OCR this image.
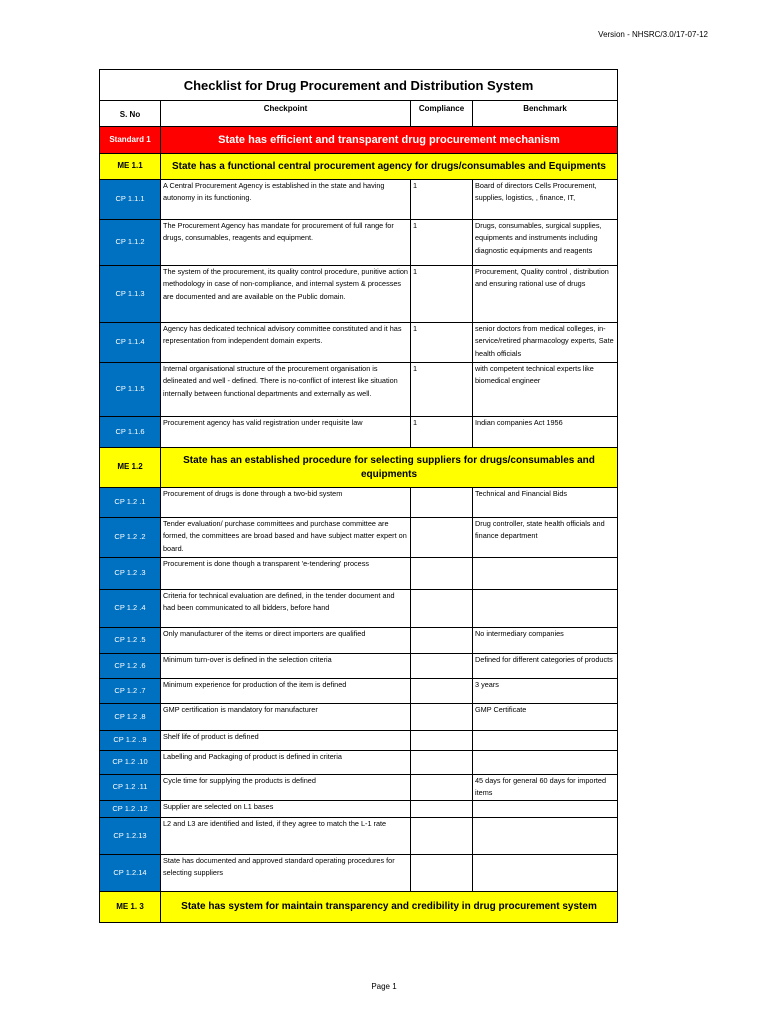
Version - NHSRC/3.0/17-07-12
Checklist for Drug Procurement and Distribution System			
S. No	Checkpoint	Compliance	Benchmark
Standard 1	State has efficient and transparent drug procurement mechanism		
ME 1.1	State has a functional central procurement agency for drugs/consumables and Equipments		
CP 1.1.1	A Central Procurement Agency is established in the state and having autonomy in its functioning.	1	Board of directors Cells Procurement, supplies, logistics, , finance, IT,
CP 1.1.2	The Procurement Agency has mandate for procurement of full range for drugs, consumables, reagents and equipment.	1	Drugs, consumables, surgical supplies, equipments and instruments including diagnostic equipments and reagents
CP 1.1.3	The system of the procurement, its quality control procedure, punitive action methodology in case of non-compliance, and internal system & processes are documented and are available on the Public domain.	1	Procurement, Quality control , distribution and ensuring rational use of drugs
CP 1.1.4	Agency has dedicated technical advisory committee constituted and it has representation from independent domain experts.	1	senior doctors from medical colleges, in-service/retired pharmacology experts, Sate health officials
CP 1.1.5	Internal organisational structure of the procurement organisation is delineated and well - defined. There is no-conflict of interest like situation internally between functional departments and externally as well.	1	with competent technical experts like biomedical engineer
CP 1.1.6	Procurement agency has valid registration under requisite law	1	Indian companies Act 1956
ME 1.2	State has an established procedure for selecting suppliers for drugs/consumables and equipments		
CP 1.2 .1	Procurement of drugs is done through a two-bid system		Technical and Financial Bids
CP 1.2 .2	Tender evaluation/ purchase committees and purchase committee are formed, the committees are broad based and have subject matter expert on board.		Drug controller, state health officials and finance department
CP 1.2 .3	Procurement is done though a transparent 'e-tendering' process		
CP 1.2 .4	Criteria for technical evaluation are defined, in the tender document and had been communicated to all bidders, before hand		
CP 1.2 .5	Only manufacturer of the items or direct importers are qualified		No intermediary companies
CP 1.2 .6	Minimum turn-over is defined in the selection criteria		Defined for different categories of products
CP 1.2 .7	Minimum experience for production of the item is defined		3 years
CP 1.2 .8	GMP certification is mandatory for manufacturer		GMP Certificate
CP 1.2 ..9	Shelf life of product is defined		
CP 1.2 .10	Labelling and Packaging of product is defined in criteria		
CP 1.2 .11	Cycle time for supplying the products is defined		45 days for general 60 days for imported items
CP 1.2 .12	Supplier are selected on L1 bases		
CP 1.2.13	L2 and L3 are identified and listed, if they agree to match the L-1 rate		
CP 1.2.14	State has documented and approved standard operating procedures for selecting suppliers		
ME 1. 3	State has system for maintain transparency and credibility in drug procurement system		
Page 1
